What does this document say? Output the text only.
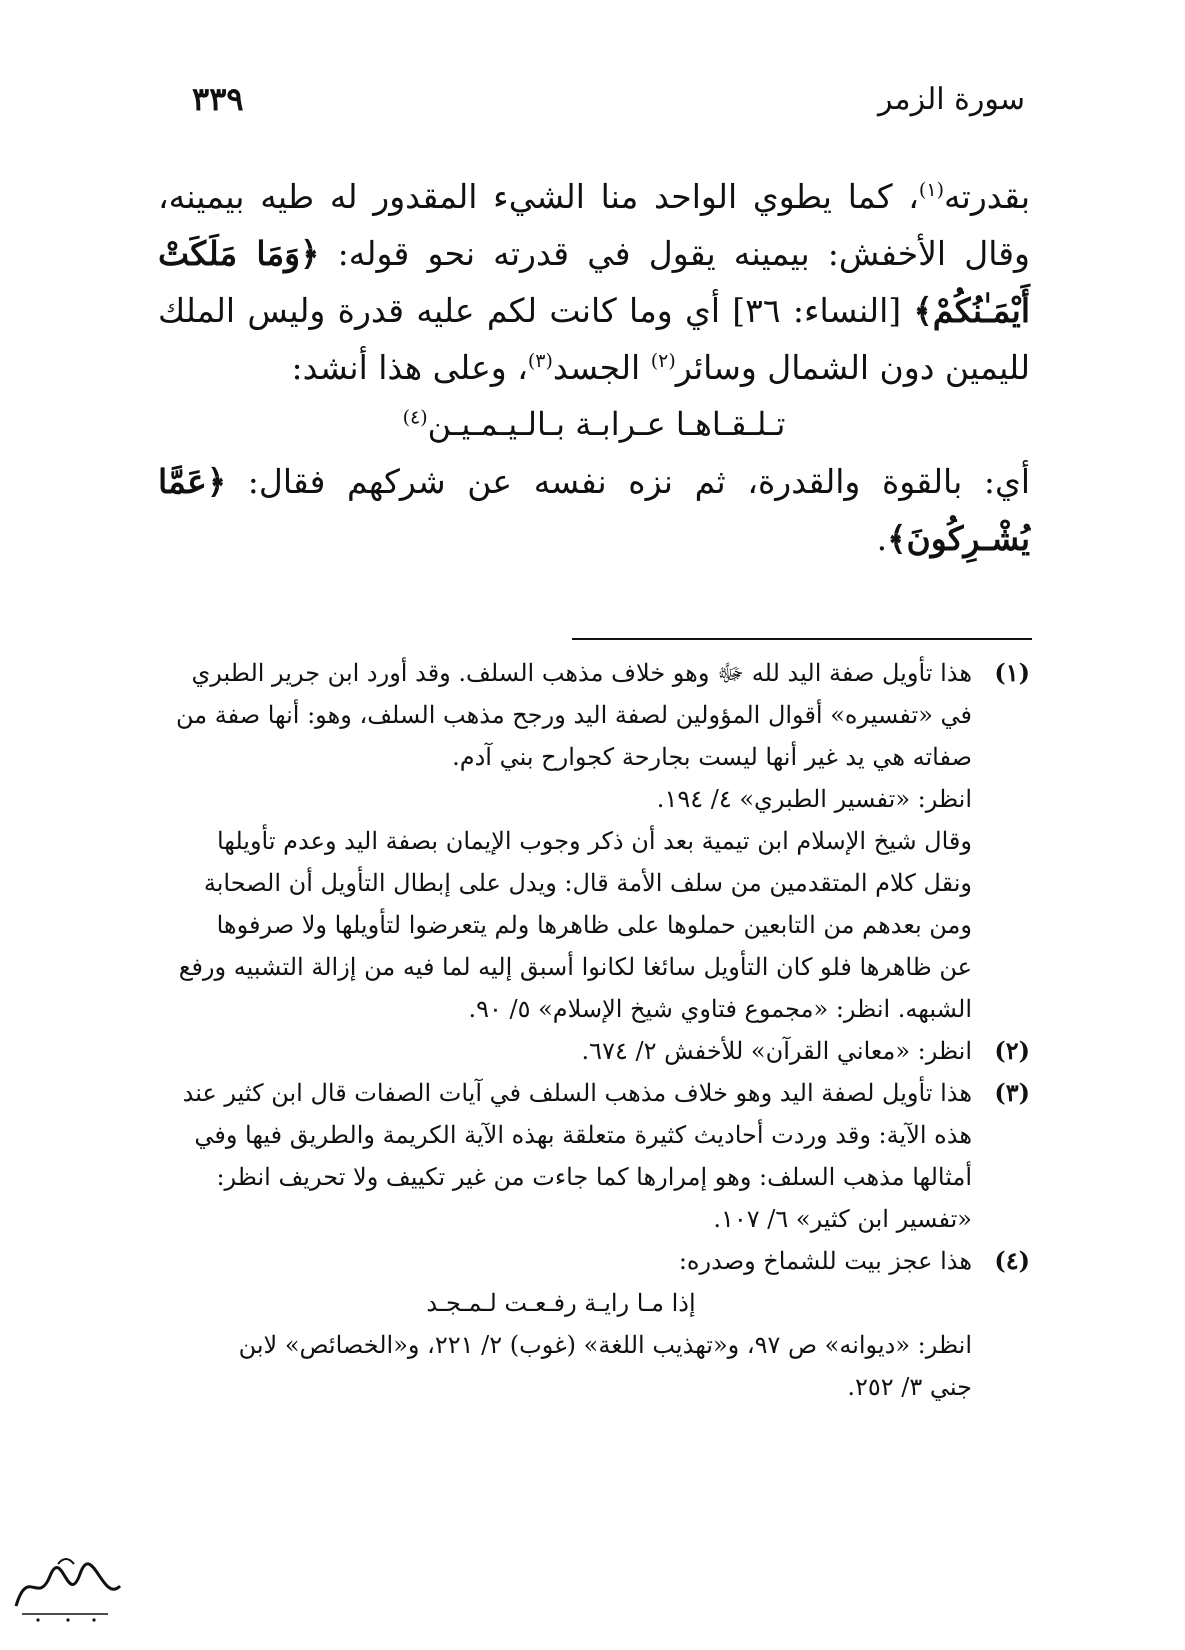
سورة الزمر
٣٣٩

بقدرته$^{(١)}$، كما يطوي الواحد منا الشيء المقدور له طيه بيمينه، وقال الأخفش: بيمينه يقول في قدرته نحو قوله: ﴿وَمَا مَلَكَتْ أَيْمَـٰنُكُمْ﴾ [النساء: ٣٦] أي وما كانت لكم عليه قدرة وليس الملك لليمين دون الشمال وسائر$^{(٢)}$ الجسد$^{(٣)}$، وعلى هذا أنشد:

تـلـقـاهـا عـرابـة بـالـيـمـيـن$^{(٤)}$

أي: بالقوة والقدرة، ثم نزه نفسه عن شركهم فقال: ﴿عَمَّا يُشْـرِكُونَ﴾.

(١)

هذا تأويل صفة اليد لله ﷻ وهو خلاف مذهب السلف. وقد أورد ابن جرير الطبري

في «تفسيره» أقوال المؤولين لصفة اليد ورجح مذهب السلف، وهو: أنها صفة من

صفاته هي يد غير أنها ليست بجارحة كجوارح بني آدم.

انظر: «تفسير الطبري» ٤/ ١٩٤.

وقال شيخ الإسلام ابن تيمية بعد أن ذكر وجوب الإيمان بصفة اليد وعدم تأويلها

ونقل كلام المتقدمين من سلف الأمة قال: ويدل على إبطال التأويل أن الصحابة

ومن بعدهم من التابعين حملوها على ظاهرها ولم يتعرضوا لتأويلها ولا صرفوها

عن ظاهرها فلو كان التأويل سائغا لكانوا أسبق إليه لما فيه من إزالة التشبيه ورفع

الشبهه. انظر: «مجموع فتاوي شيخ الإسلام» ٥/ ٩٠.

(٢)

انظر: «معاني القرآن» للأخفش ٢/ ٦٧٤.

(٣)

هذا تأويل لصفة اليد وهو خلاف مذهب السلف في آيات الصفات قال ابن كثير عند

هذه الآية: وقد وردت أحاديث كثيرة متعلقة بهذه الآية الكريمة والطريق فيها وفي

أمثالها مذهب السلف: وهو إمرارها كما جاءت من غير تكييف ولا تحريف انظر:

«تفسير ابن كثير» ٦/ ١٠٧.

(٤)

هذا عجز بيت للشماخ وصدره:

إذا مـا رايـة رفـعـت لـمـجـد

انظر: «ديوانه» ص ٩٧، و«تهذيب اللغة» (غوب) ٢/ ٢٢١، و«الخصائص» لابن

جني ٣/ ٢٥٢.
